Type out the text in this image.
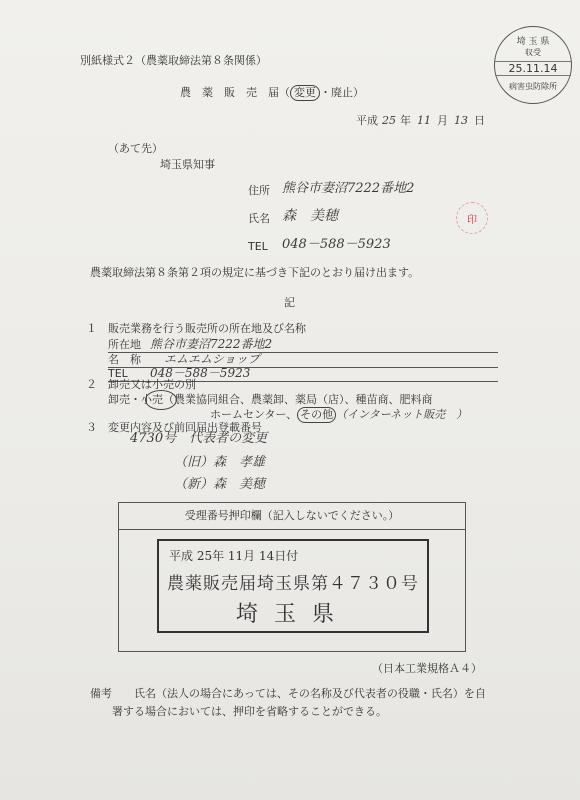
別紙様式２（農薬取締法第８条関係）
農　薬　販　売　届（ 変更 ・廃止）
平成 25 年 11 月 13 日
（あて先）
埼玉県知事
住所 熊谷市妻沼7222番地2
氏名 森　美穂	印
TEL 048－588－5923
農薬取締法第８条第２項の規定に基づき下記のとおり届け出ます。
記
１ 販売業務を行う販売所の所在地及び名称
所在地 熊谷市妻沼7222番地2
名　称 エムエムショップ
TEL 048－588－5923
２ 卸売又は小売の別
卸売・小売（農業協同組合、農薬卸、薬局（店）、種苗商、肥料商
ホームセンター、 その他 （インターネット販売　）
３ 変更内容及び前回届出登載番号
4730号　代表者の変更
（旧）森　孝雄
（新）森　美穂
受理番号押印欄（記入しないでください。）
平成 25年 11月 14日付
農薬販売届埼玉県第４７３０号
埼玉県
埼 玉 県
収受
25.11.14
病害虫防除所
（日本工業規格Ａ４）
備考 氏名（法人の場合にあっては、その名称及び代表者の役職・氏名）を自
署する場合においては、押印を省略することができる。
